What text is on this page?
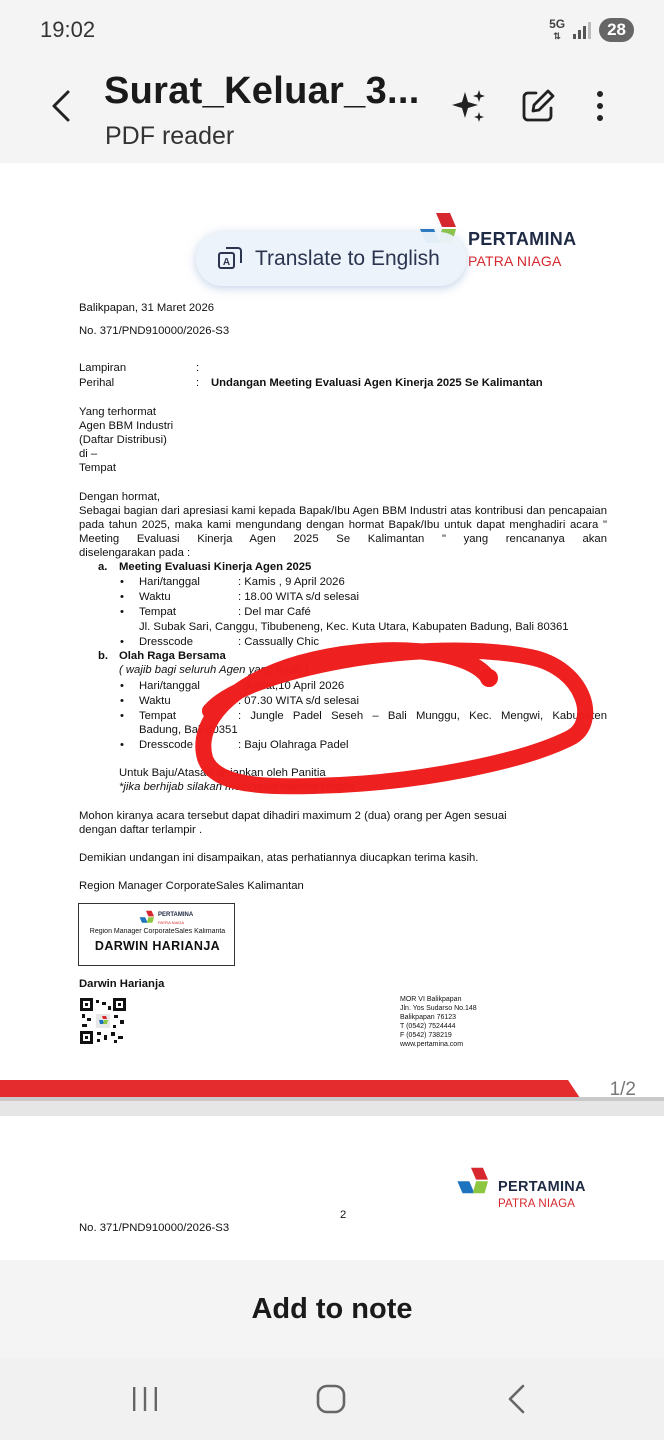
19:02	5G
⇅	28
Surat_Keluar_3...
PDF reader
PERTAMINA
PATRA NIAGA
A Translate to English
Balikpapan, 31 Maret 2026
No. 371/PND910000/2026-S3
Lampiran	:
Perihal	: Undangan Meeting Evaluasi Agen Kinerja 2025 Se Kalimantan
Yang terhormat
Agen BBM Industri
(Daftar Distribusi)
di –
Tempat
Dengan hormat,
Sebagai bagian dari apresiasi kami kepada Bapak/Ibu Agen BBM Industri atas kontribusi dan pencapaian pada tahun 2025, maka kami mengundang dengan hormat Bapak/Ibu untuk dapat menghadiri acara " Meeting Evaluasi Kinerja Agen 2025 Se Kalimantan " yang rencananya akan
diselengarakan pada :
a. Meeting Evaluasi Kinerja Agen 2025
• Hari/tanggal	: Kamis , 9 April 2026
• Waktu	: 18.00 WITA s/d selesai
• Tempat	: Del mar Café
Jl. Subak Sari, Canggu, Tibubeneng, Kec. Kuta Utara, Kabupaten Badung, Bali 80361
• Dresscode	: Cassually Chic
b. Olah Raga Bersama
( wajib bagi seluruh Agen yang hadir )
• Hari/tanggal	: Jumat,10 April 2026
• Waktu	: 07.30 WITA s/d selesai
• Tempat	: Jungle Padel Seseh – Bali Munggu, Kec. Mengwi, Kabupaten
Badung, Bali 80351
• Dresscode	: Baju Olahraga Padel
Untuk Baju/Atasan disiapkan oleh Panitia
*jika berhijab silakan membawa manset sendiri
Mohon kiranya acara tersebut dapat dihadiri maximum 2 (dua) orang per Agen sesuai
dengan daftar terlampir .
Demikian undangan ini disampaikan, atas perhatiannya diucapkan terima kasih.
Region Manager CorporateSales Kalimantan
PERTAMINA
PATRA NIAGA
Region Manager CorporateSales Kalimanta
DARWIN HARIANJA
Darwin Harianja
MOR VI Balikpapan
Jln. Yos Sudarso No.148
Balikpapan 76123
T (0542) 7524444
F (0542) 738219
www.pertamina.com
1/2
PERTAMINA
PATRA NIAGA
2
No. 371/PND910000/2026-S3
Add to note
